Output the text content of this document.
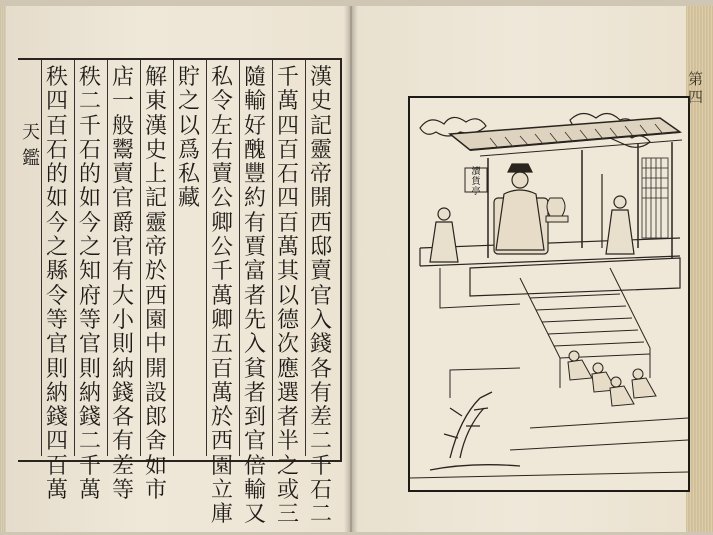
天鑑
漢
史
記
靈
帝
開
西
邸
賣
官
入
錢
各
有
差
二
千
石
二
千
萬
四
百
石
四
百
萬
其
以
德
次
應
選
者
半
之
或
三
隨
輸
好
醜
豐
約
有
賈
富
者
先
入
貧
者
到
官
倍
輸
又
私
令
左
右
賣
公
卿
公
千
萬
卿
五
百
萬
於
西
園
立
庫
貯
之
以
爲
私
藏
解
東
漢
史
上
記
靈
帝
於
西
園
中
開
設
郎
舍
如
市
店
一
般
鬻
賣
官
爵
官
有
大
小
則
納
錢
各
有
差
等
秩
二
千
石
的
如
今
之
知
府
等
官
則
納
錢
二
千
萬
秩
四
百
石
的
如
今
之
縣
令
等
官
則
納
錢
四
百
萬
瀆貨亭
第四
